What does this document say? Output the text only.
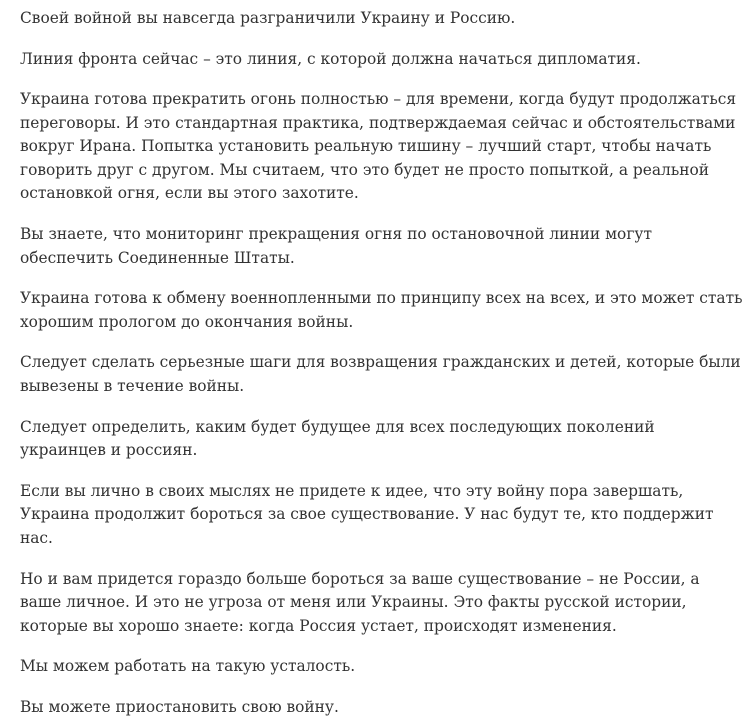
Своей войной вы навсегда разграничили Украину и Россию.

Линия фронта сейчас – это линия, с которой должна начаться дипломатия.

Украина готова прекратить огонь полностью – для времени, когда будут продолжаться переговоры. И это стандартная практика, подтверждаемая сейчас и обстоятельствами вокруг Ирана. Попытка установить реальную тишину – лучший старт, чтобы начать говорить друг с другом. Мы считаем, что это будет не просто попыткой, а реальной остановкой огня, если вы этого захотите.

Вы знаете, что мониторинг прекращения огня по остановочной линии могут обеспечить Соединенные Штаты.

Украина готова к обмену военнопленными по принципу всех на всех, и это может стать хорошим прологом до окончания войны.

Следует сделать серьезные шаги для возвращения гражданских и детей, которые были вывезены в течение войны.

Следует определить, каким будет будущее для всех последующих поколений украинцев и россиян.

Если вы лично в своих мыслях не придете к идее, что эту войну пора завершать, Украина продолжит бороться за свое существование. У нас будут те, кто поддержит нас.

Но и вам придется гораздо больше бороться за ваше существование – не России, а ваше личное. И это не угроза от меня или Украины. Это факты русской истории, которые вы хорошо знаете: когда Россия устает, происходят изменения.

Мы можем работать на такую усталость.

Вы можете приостановить свою войну.
